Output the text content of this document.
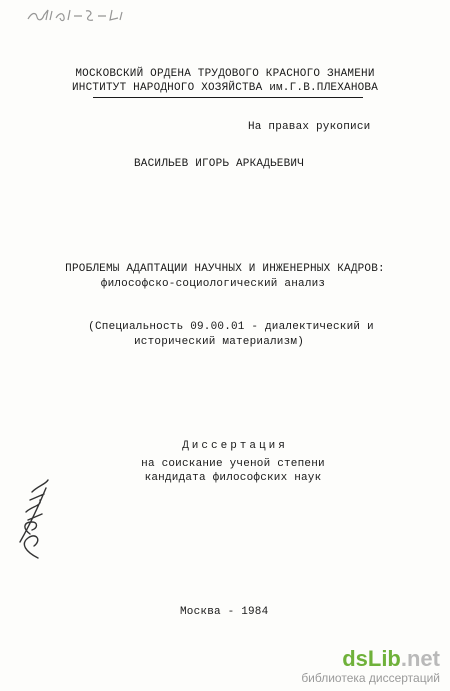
МОСКОВСКИЙ ОРДЕНА ТРУДОВОГО КРАСНОГО ЗНАМЕНИ
ИНСТИТУТ НАРОДНОГО ХОЗЯЙСТВА им.Г.В.ПЛЕХАНОВА
На правах рукописи
ВАСИЛЬЕВ ИГОРЬ АРКАДЬЕВИЧ
ПРОБЛЕМЫ АДАПТАЦИИ НАУЧНЫХ И ИНЖЕНЕРНЫХ КАДРОВ:
философско-социологический анализ
(Специальность 09.00.01 - диалектический и
исторический материализм)
Диссертация
на соискание ученой степени
кандидата философских наук
Москва - 1984
dsLib.net
библиотека диссертаций
